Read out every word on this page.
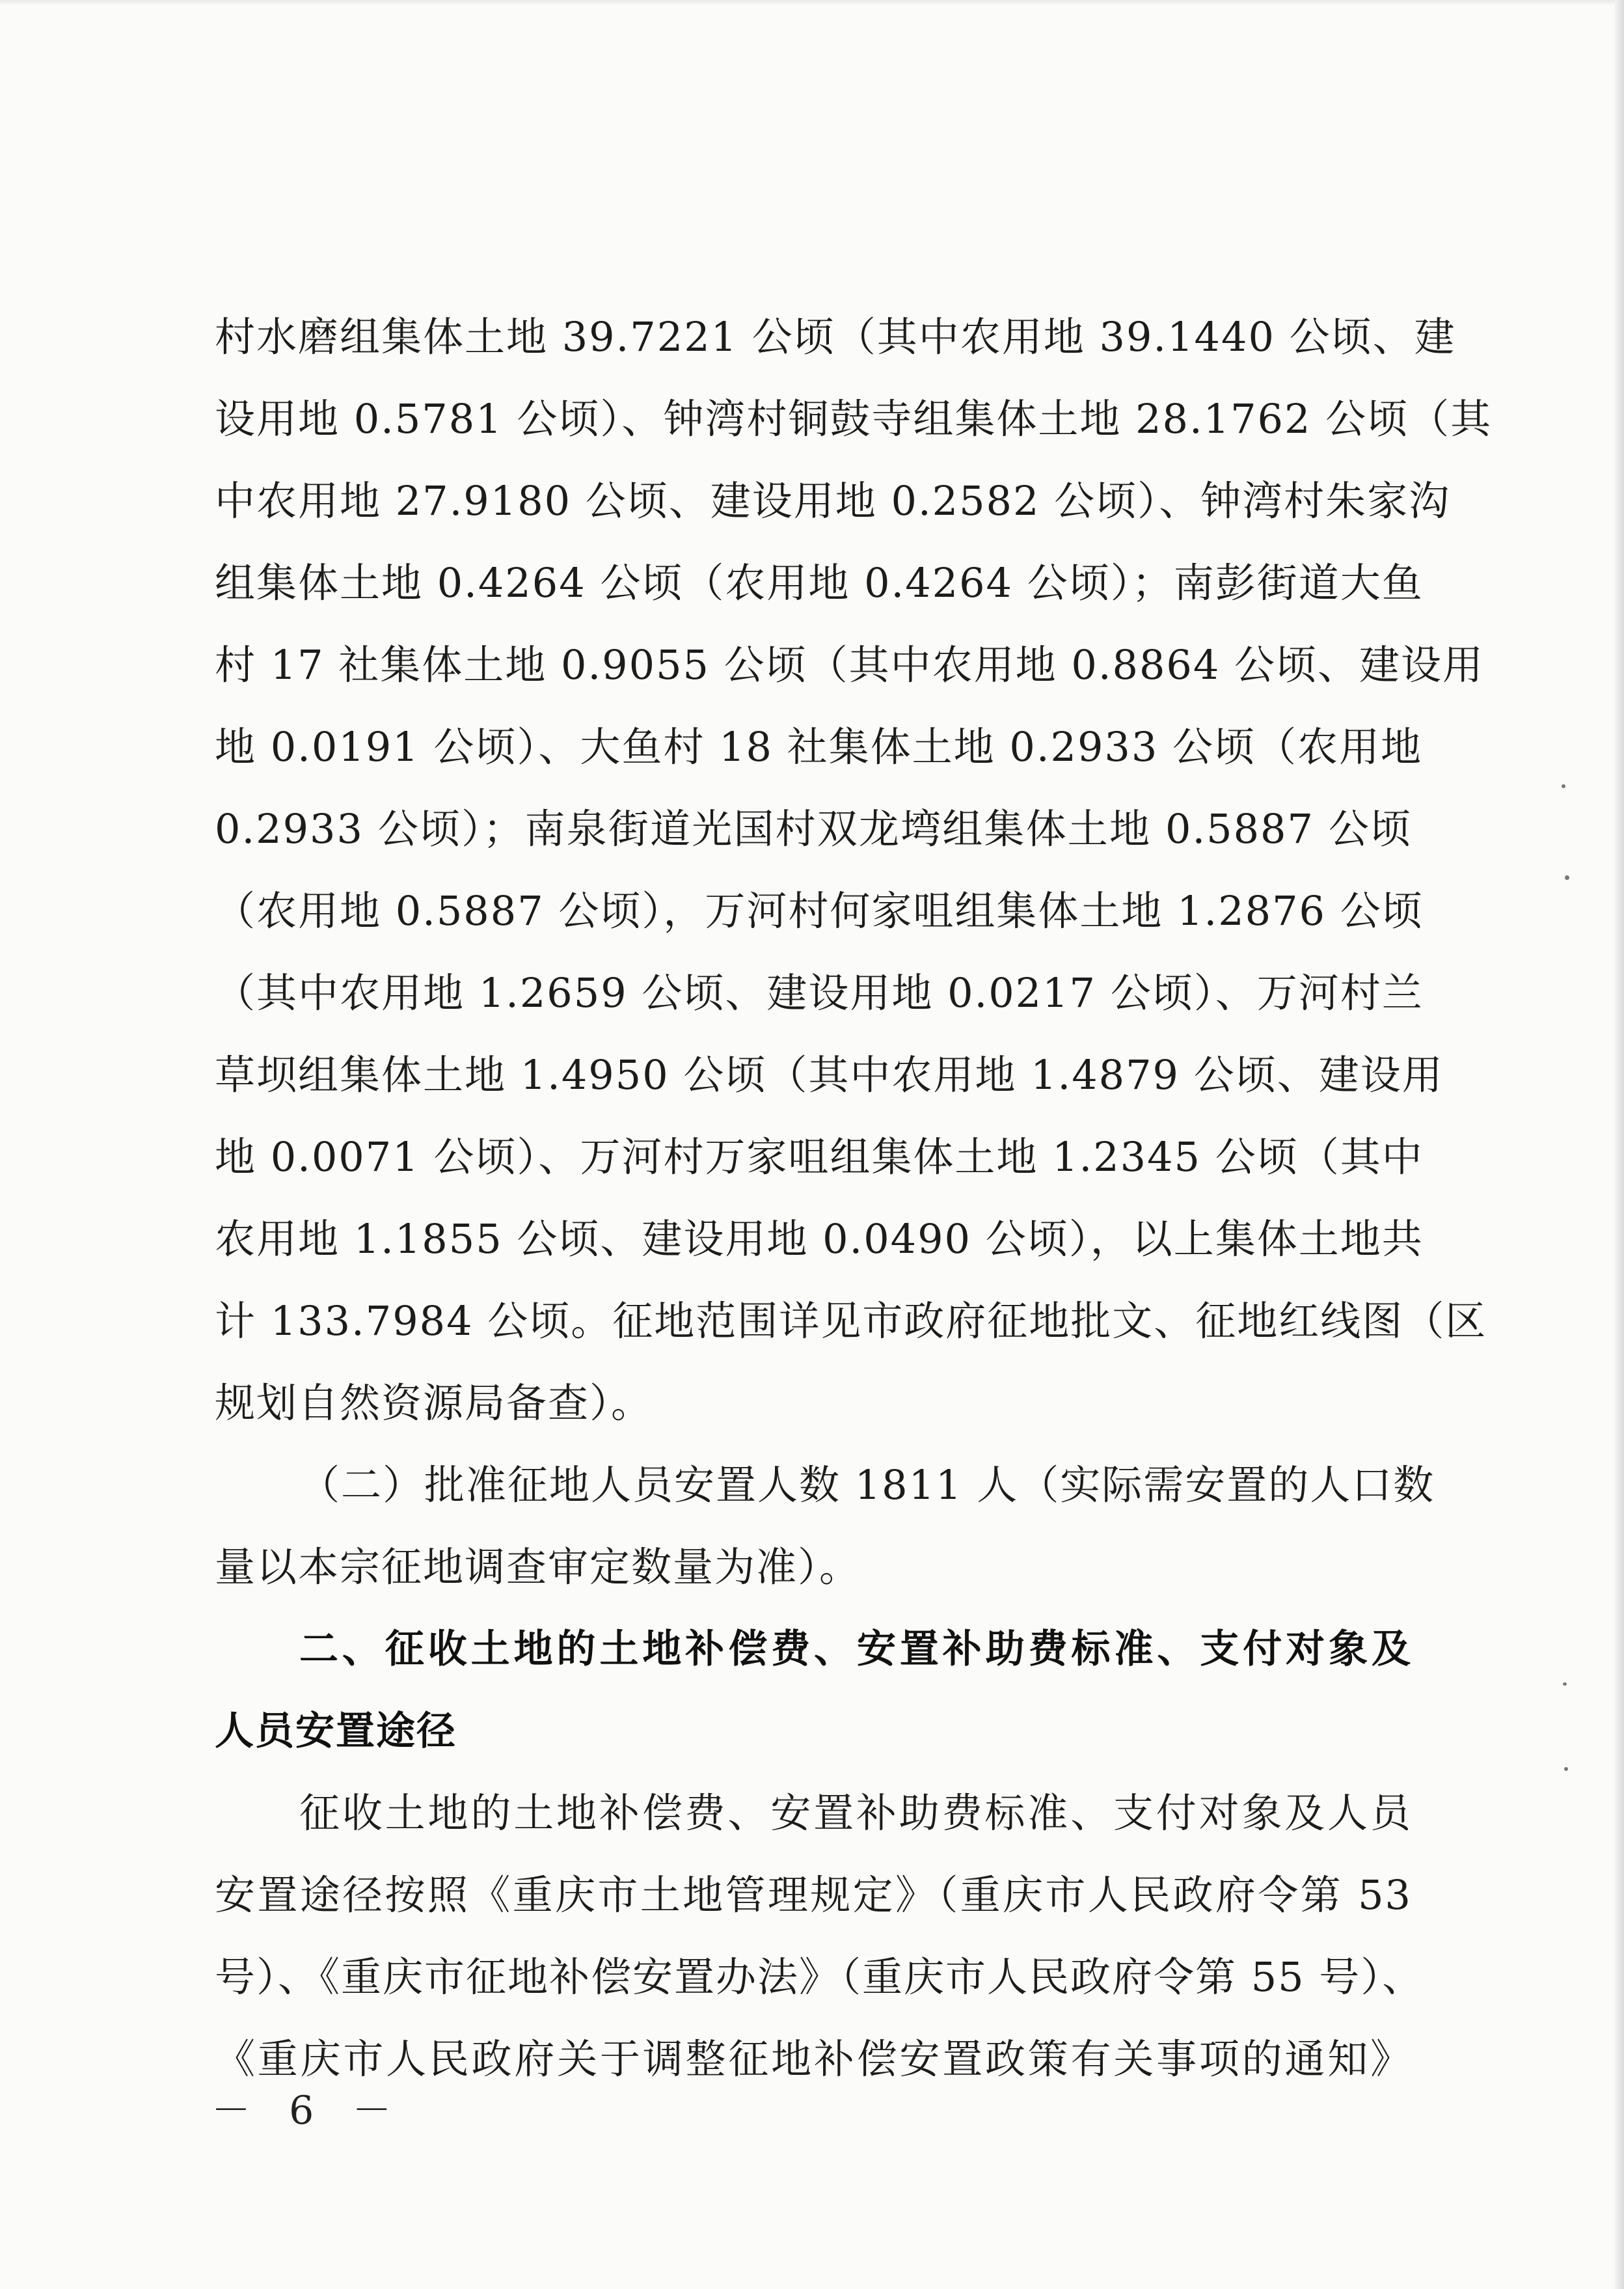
村水磨组集体土地 39.7221 公顷（其中农用地 39.1440 公顷、建
设用地 0.5781 公顷）、钟湾村铜鼓寺组集体土地 28.1762 公顷（其
中农用地 27.9180 公顷、建设用地 0.2582 公顷）、钟湾村朱家沟
组集体土地 0.4264 公顷（农用地 0.4264 公顷）；南彭街道大鱼
村 17 社集体土地 0.9055 公顷（其中农用地 0.8864 公顷、建设用
地 0.0191 公顷）、大鱼村 18 社集体土地 0.2933 公顷（农用地
0.2933 公顷）；南泉街道光国村双龙塆组集体土地 0.5887 公顷
（农用地 0.5887 公顷），万河村何家咀组集体土地 1.2876 公顷
（其中农用地 1.2659 公顷、建设用地 0.0217 公顷）、万河村兰
草坝组集体土地 1.4950 公顷（其中农用地 1.4879 公顷、建设用
地 0.0071 公顷）、万河村万家咀组集体土地 1.2345 公顷（其中
农用地 1.1855 公顷、建设用地 0.0490 公顷），以上集体土地共
计 133.7984 公顷。征地范围详见市政府征地批文、征地红线图（区
规划自然资源局备查）。
（二）批准征地人员安置人数 1811 人（实际需安置的人口数
量以本宗征地调查审定数量为准）。
二、征收土地的土地补偿费、安置补助费标准、支付对象及
人员安置途径
征收土地的土地补偿费、安置补助费标准、支付对象及人员
安置途径按照《重庆市土地管理规定》（重庆市人民政府令第 53
号）、《重庆市征地补偿安置办法》（重庆市人民政府令第 55 号）、
《重庆市人民政府关于调整征地补偿安置政策有关事项的通知》
－ 6 －
